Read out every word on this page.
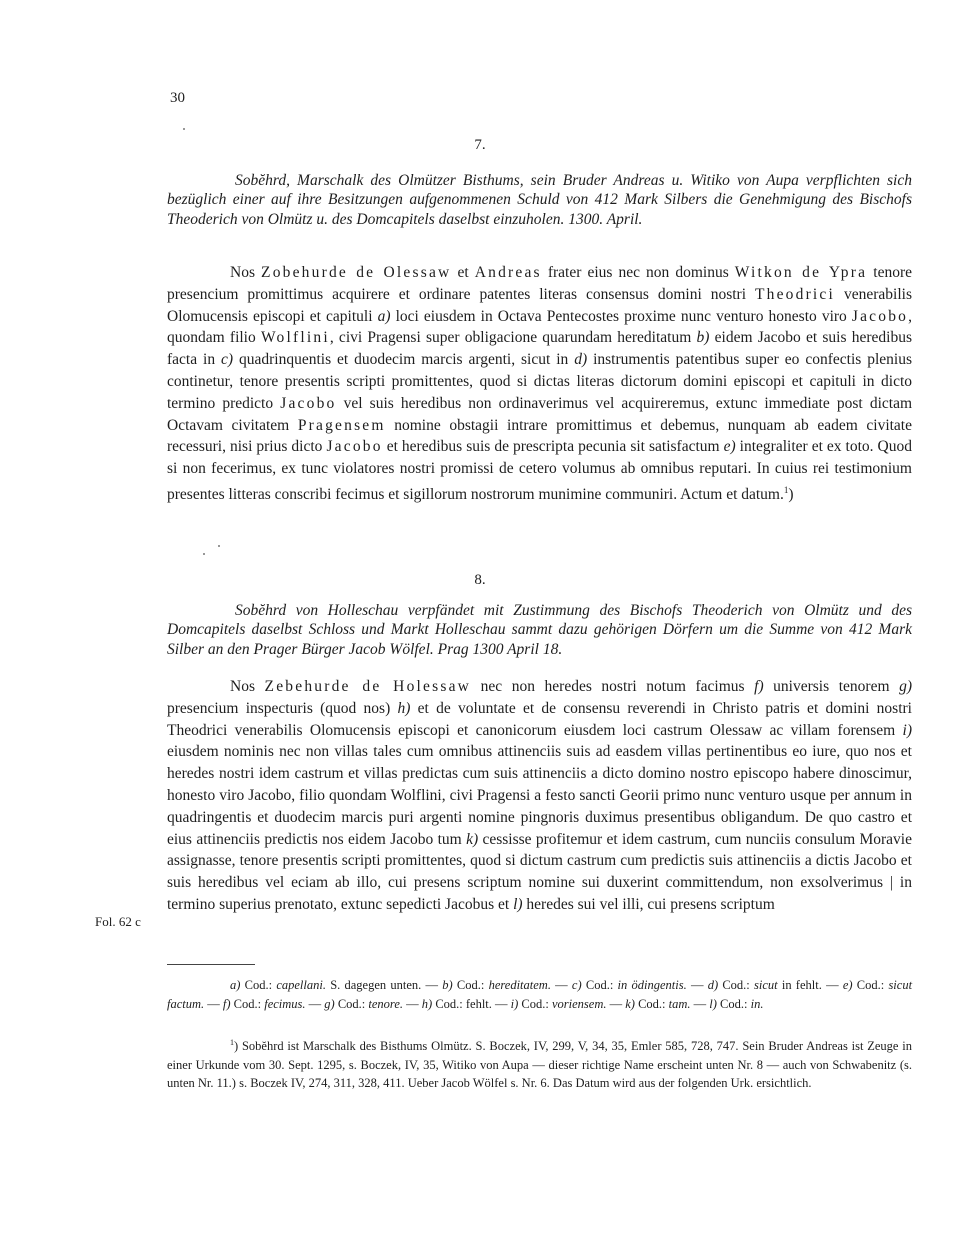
30
7.

Sobĕhrd, Marschalk des Olmützer Bisthums, sein Bruder Andreas u. Witiko von Aupa verpflichten sich bezüglich einer auf ihre Besitzungen aufgenommenen Schuld von 412 Mark Silbers die Genehmigung des Bischofs Theoderich von Olmütz u. des Domcapitels daselbst einzuholen. 1300. April.

Nos Zobehurde de Olessaw et Andreas frater eius nec non dominus Witkon de Ypra tenore presencium promittimus acquirere et ordinare patentes literas consensus domini nostri Theodrici venerabilis Olomucensis episcopi et capituli a) loci eiusdem in Octava Pentecostes proxime nunc venturo honesto viro Jacobo, quondam filio Wolflini, civi Pragensi super obligacione quarundam hereditatum b) eidem Jacobo et suis heredibus facta in c) quadrinquentis et duodecim marcis argenti, sicut in d) instrumentis patentibus super eo confectis plenius continetur, tenore presentis scripti promittentes, quod si dictas literas dictorum domini episcopi et capituli in dicto termino predicto Jacobo vel suis heredibus non ordinaverimus vel acquireremus, extunc immediate post dictam Octavam civitatem Pragensem nomine obstagii intrare promittimus et debemus, nunquam ab eadem civitate recessuri, nisi prius dicto Jacobo et heredibus suis de prescripta pecunia sit satisfactum e) integraliter et ex toto. Quod si non fecerimus, ex tunc violatores nostri promissi de cetero volumus ab omnibus reputari. In cuius rei testimonium presentes litteras conscribi fecimus et sigillorum nostrorum munimine communiri. Actum et datum.$^1$)

8.

Sobĕhrd von Holleschau verpfändet mit Zustimmung des Bischofs Theoderich von Olmütz und des Domcapitels daselbst Schloss und Markt Holleschau sammt dazu gehörigen Dörfern um die Summe von 412 Mark Silber an den Prager Bürger Jacob Wölfel. Prag 1300 April 18.

Nos Zebehurde de Holessaw nec non heredes nostri notum facimus f) universis tenorem g) presencium inspecturis (quod nos) h) et de voluntate et de consensu reverendi in Christo patris et domini nostri Theodrici venerabilis Olomucensis episcopi et canonicorum eiusdem loci castrum Olessaw ac villam forensem i) eiusdem nominis nec non villas tales cum omnibus attinenciis suis ad easdem villas pertinentibus eo iure, quo nos et heredes nostri idem castrum et villas predictas cum suis attinenciis a dicto domino nostro episcopo habere dinoscimur, honesto viro Jacobo, filio quondam Wolflini, civi Pragensi a festo sancti Georii primo nunc venturo usque per annum in quadringentis et duodecim marcis puri argenti nomine pingnoris duximus presentibus obligandum. De quo castro et eius attinenciis predictis nos eidem Jacobo tum k) cessisse profitemur et idem castrum, cum nunciis consulum Moravie assignasse, tenore presentis scripti promittentes, quod si dictum castrum cum predictis suis attinenciis a dictis Jacobo et suis heredibus vel eciam ab illo, cui presens scriptum nomine sui duxerint committendum, non exsolverimus | in termino superius prenotato, extunc sepedicti Jacobus et l) heredes sui vel illi, cui presens scriptum

Fol. 62 c

a) Cod.: capellani. S. dagegen unten. — b) Cod.: hereditatem. — c) Cod.: in ödingentis. — d) Cod.: sicut in fehlt. — e) Cod.: sicut factum. — f) Cod.: fecimus. — g) Cod.: tenore. — h) Cod.: fehlt. — i) Cod.: voriensem. — k) Cod.: tam. — l) Cod.: in.

$^1$) Sobĕhrd ist Marschalk des Bisthums Olmütz. S. Boczek, IV, 299, V, 34, 35, Emler 585, 728, 747. Sein Bruder Andreas ist Zeuge in einer Urkunde vom 30. Sept. 1295, s. Boczek, IV, 35, Witiko von Aupa — dieser richtige Name erscheint unten Nr. 8 — auch von Schwabenitz (s. unten Nr. 11.) s. Boczek IV, 274, 311, 328, 411. Ueber Jacob Wölfel s. Nr. 6. Das Datum wird aus der folgenden Urk. ersichtlich.
